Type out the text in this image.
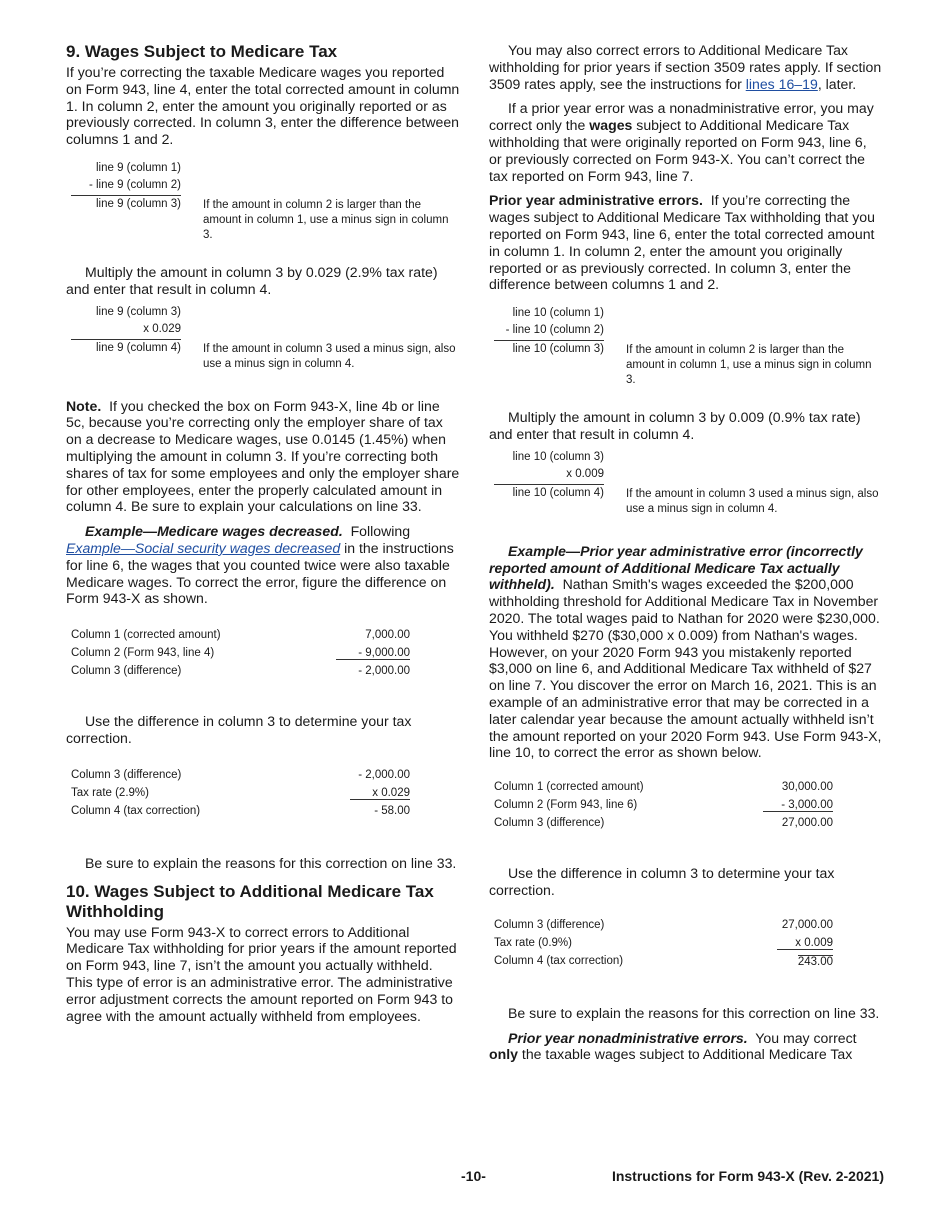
9. Wages Subject to Medicare Tax

If you’re correcting the taxable Medicare wages you reported on Form 943, line 4, enter the total corrected amount in column 1. In column 2, enter the amount you originally reported or as previously corrected. In column 3, enter the difference between columns 1 and 2.

line 9 (column 1)
- line 9 (column 2)
line 9 (column 3) If the amount in column 2 is larger than the amount in column 1, use a minus sign in column 3.

Multiply the amount in column 3 by 0.029 (2.9% tax rate) and enter that result in column 4.

line 9 (column 3)
x 0.029
line 9 (column 4) If the amount in column 3 used a minus sign, also use a minus sign in column 4.

Note. If you checked the box on Form 943-X, line 4b or line 5c, because you’re correcting only the employer share of tax on a decrease to Medicare wages, use 0.0145 (1.45%) when multiplying the amount in column 3. If you’re correcting both shares of tax for some employees and only the employer share for other employees, enter the properly calculated amount in column 4. Be sure to explain your calculations on line 33.

Example—Medicare wages decreased. Following
Example—Social security wages decreased in the instructions for line 6, the wages that you counted twice were also taxable Medicare wages. To correct the error, figure the difference on Form 943-X as shown.

Column 1 (corrected amount)	7,000.00
Column 2 (Form 943, line 4)	- 9,000.00
Column 3 (difference)	- 2,000.00

Use the difference in column 3 to determine your tax correction.

Column 3 (difference)	- 2,000.00
Tax rate (2.9%)	x 0.029
Column 4 (tax correction)	- 58.00

Be sure to explain the reasons for this correction on line 33.

10. Wages Subject to Additional Medicare Tax Withholding

You may use Form 943-X to correct errors to Additional Medicare Tax withholding for prior years if the amount reported on Form 943, line 7, isn’t the amount you actually withheld. This type of error is an administrative error. The administrative error adjustment corrects the amount reported on Form 943 to agree with the amount actually withheld from employees.

You may also correct errors to Additional Medicare Tax withholding for prior years if section 3509 rates apply. If section 3509 rates apply, see the instructions for lines 16–19, later.

If a prior year error was a nonadministrative error, you may correct only the wages subject to Additional Medicare Tax withholding that were originally reported on Form 943, line 6, or previously corrected on Form 943-X. You can’t correct the tax reported on Form 943, line 7.

Prior year administrative errors. If you’re correcting the wages subject to Additional Medicare Tax withholding that you reported on Form 943, line 6, enter the total corrected amount in column 1. In column 2, enter the amount you originally reported or as previously corrected. In column 3, enter the difference between columns 1 and 2.

line 10 (column 1)
- line 10 (column 2)
line 10 (column 3) If the amount in column 2 is larger than the amount in column 1, use a minus sign in column 3.

Multiply the amount in column 3 by 0.009 (0.9% tax rate) and enter that result in column 4.

line 10 (column 3)
x 0.009
line 10 (column 4) If the amount in column 3 used a minus sign, also use a minus sign in column 4.

Example—Prior year administrative error (incorrectly reported amount of Additional Medicare Tax actually withheld). Nathan Smith's wages exceeded the $200,000 withholding threshold for Additional Medicare Tax in November 2020. The total wages paid to Nathan for 2020 were $230,000. You withheld $270 ($30,000 x 0.009) from Nathan's wages. However, on your 2020 Form 943 you mistakenly reported $3,000 on line 6, and Additional Medicare Tax withheld of $27 on line 7. You discover the error on March 16, 2021. This is an example of an administrative error that may be corrected in a later calendar year because the amount actually withheld isn’t the amount reported on your 2020 Form 943. Use Form 943-X, line 10, to correct the error as shown below.

Column 1 (corrected amount)	30,000.00
Column 2 (Form 943, line 6)	- 3,000.00
Column 3 (difference)	27,000.00

Use the difference in column 3 to determine your tax correction.

Column 3 (difference)	27,000.00
Tax rate (0.9%)	x 0.009
Column 4 (tax correction)	243.00

Be sure to explain the reasons for this correction on line 33.

Prior year nonadministrative errors. You may correct
only the taxable wages subject to Additional Medicare Tax

-10-	Instructions for Form 943-X (Rev. 2-2021)
